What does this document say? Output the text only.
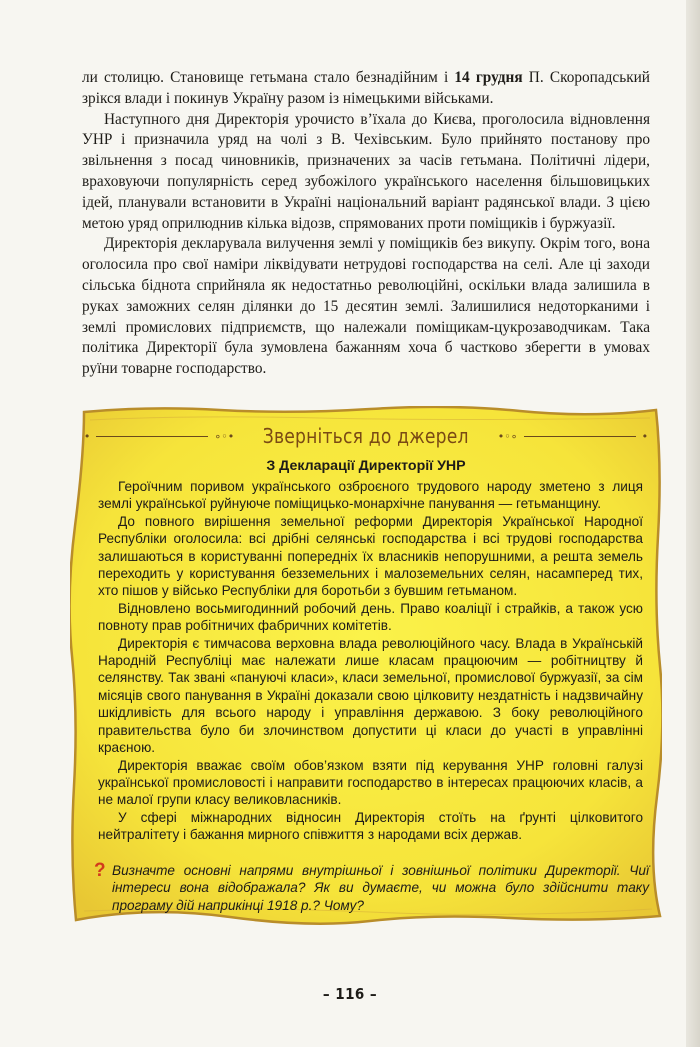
ли столицю. Становище гетьмана стало безнадійним і 14 грудня П. Скоропадський зрікся влади і покинув Україну разом із німецькими військами.

Наступного дня Директорія урочисто в’їхала до Києва, проголосила відновлення УНР і призначила уряд на чолі з В. Чехівським. Було прийнято постанову про звільнення з посад чиновників, призначених за часів гетьмана. Політичні лідери, враховуючи популярність серед зубожілого українського населення більшовицьких ідей, планували встановити в Україні національний варіант радянської влади. З цією метою уряд оприлюднив кілька відозв, спрямованих проти поміщиків і буржуазії.

Директорія декларувала вилучення землі у поміщиків без викупу. Окрім того, вона оголосила про свої наміри ліквідувати нетрудові господарства на селі. Але ці заходи сільська біднота сприйняла як недостатньо революційні, оскільки влада залишила в руках заможних селян ділянки до 15 десятин землі. Залишилися недоторканими і землі промислових підприємств, що належали поміщикам-цукрозаводчикам. Така політика Директорії була зумовлена бажанням хоча б частково зберегти в умовах руїни товарне господарство.

•	∘◦• Зверніться до джерел	•◦∘	•
З Декларації Директорії УНР

Героїчним поривом українського озброєного трудового народу зметено з лиця землі української руйнуюче поміщицько-монархічне панування — гетьманщину.

До повного вирішення земельної реформи Директорія Української Народної Республіки оголосила: всі дрібні селянські господарства і всі трудові господарства залишаються в користуванні попередніх їх власників непорушними, а решта земель переходить у користування безземельних і малоземельних селян, насамперед тих, хто пішов у військо Республіки для боротьби з бувшим гетьманом.

Відновлено восьмигодинний робочий день. Право коаліції і страйків, а також усю повноту прав робітничих фабричних комітетів.

Директорія є тимчасова верховна влада революційного часу. Влада в Українській Народній Республіці має належати лише класам працюючим — робітництву й селянству. Так звані «пануючі класи», класи земельної, промислової буржуазії, за сім місяців свого панування в Україні доказали свою цілковиту нездатність і надзвичайну шкідливість для всього народу і управління державою. З боку революційного правительства було би злочинством допустити ці класи до участі в управлінні краєною.

Директорія вважає своїм обов’язком взяти під керування УНР головні галузі української промисловості і направити господарство в інтересах працюючих класів, а не малої групи класу великовласників.

У сфері міжнародних відносин Директорія стоїть на ґрунті цілковитого нейтралітету і бажання мирного співжиття з народами всіх держав.

? Визначте основні напрями внутрішньої і зовнішньої політики Директорії. Чиї інтереси вона відображала? Як ви думаєте, чи можна було здійснити таку програму дій наприкінці 1918 р.? Чому?
– 116 –
